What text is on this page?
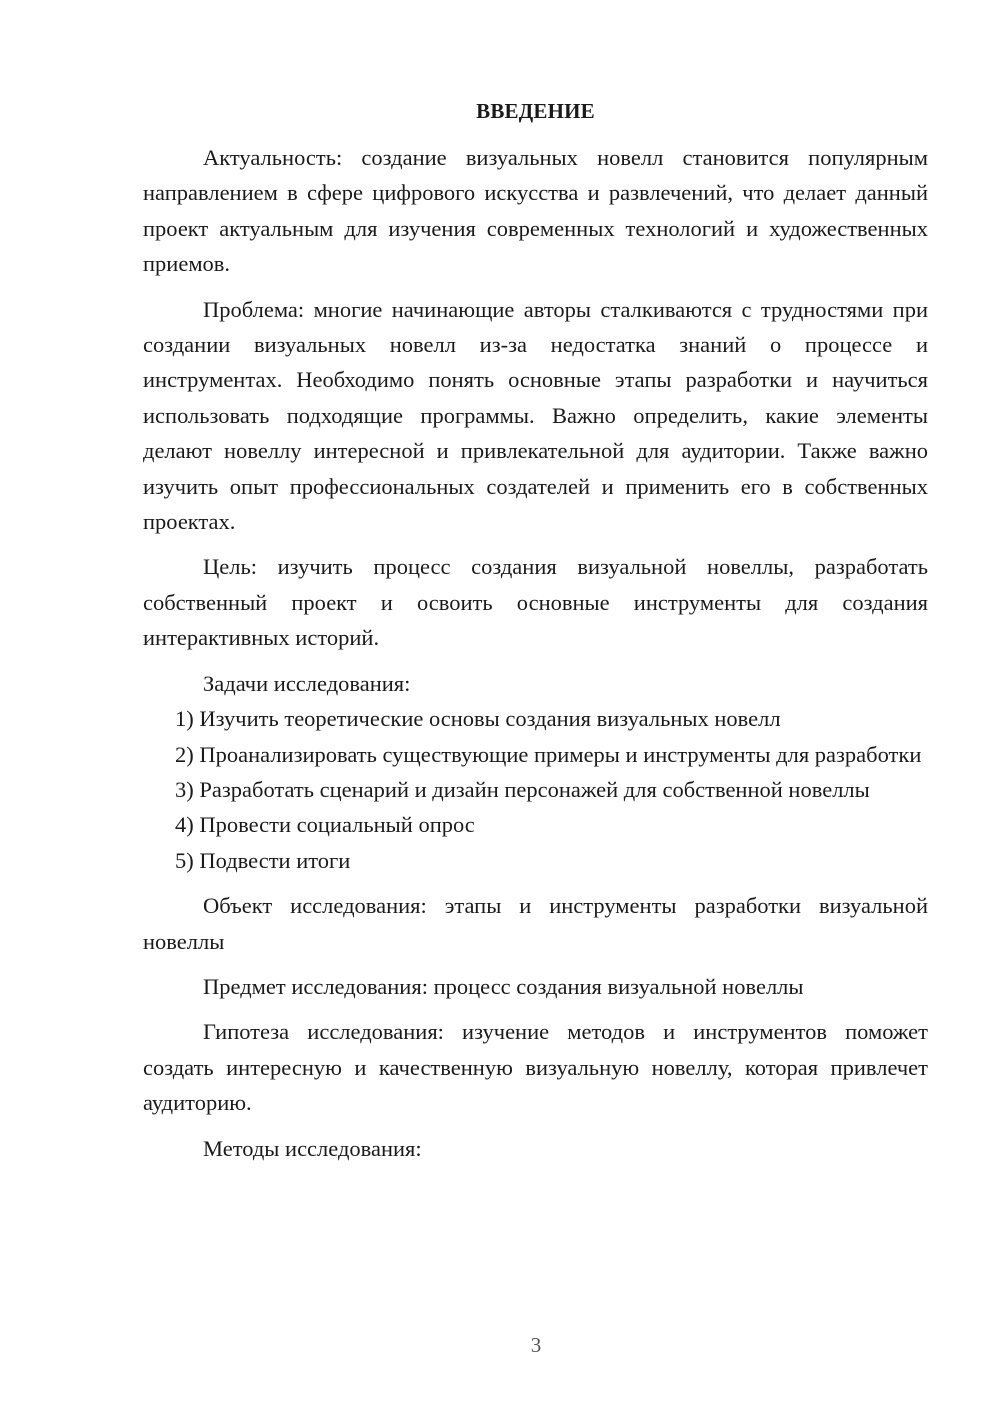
ВВЕДЕНИЕ

Актуальность: создание визуальных новелл становится популярным направлением в сфере цифрового искусства и развлечений, что делает данный проект актуальным для изучения современных технологий и художественных приемов.

Проблема: многие начинающие авторы сталкиваются с трудностями при создании визуальных новелл из-за недостатка знаний о процессе и инструментах. Необходимо понять основные этапы разработки и научиться использовать подходящие программы. Важно определить, какие элементы делают новеллу интересной и привлекательной для аудитории. Также важно изучить опыт профессиональных создателей и применить его в собственных проектах.

Цель: изучить процесс создания визуальной новеллы, разработать собственный проект и освоить основные инструменты для создания интерактивных историй.

Задачи исследования:

1) Изучить теоретические основы создания визуальных новелл

2) Проанализировать существующие примеры и инструменты для разработки

3) Разработать сценарий и дизайн персонажей для собственной новеллы

4) Провести социальный опрос

5) Подвести итоги

Объект исследования: этапы и инструменты разработки визуальной новеллы

Предмет исследования: процесс создания визуальной новеллы

Гипотеза исследования: изучение методов и инструментов поможет создать интересную и качественную визуальную новеллу, которая привлечет аудиторию.

Методы исследования:

3
